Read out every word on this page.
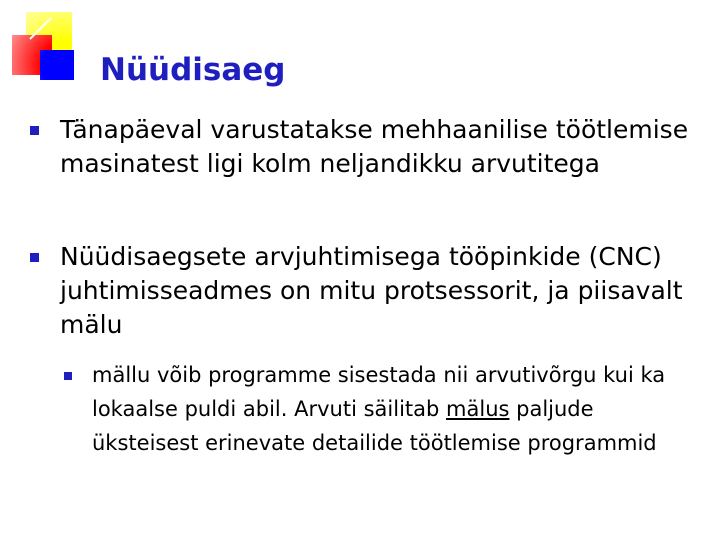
Nüüdisaeg

Tänapäeval varustatakse mehhaanilise töötlemise masinatest ligi kolm neljandikku arvutitega

Nüüdisaegsete arvjuhtimisega tööpinkide (CNC) juhtimisseadmes on mitu protsessorit, ja piisavalt mälu

mällu võib programme sisestada nii arvutivõrgu kui ka lokaalse puldi abil. Arvuti säilitab mälus paljude üksteisest erinevate detailide töötlemise programmid
